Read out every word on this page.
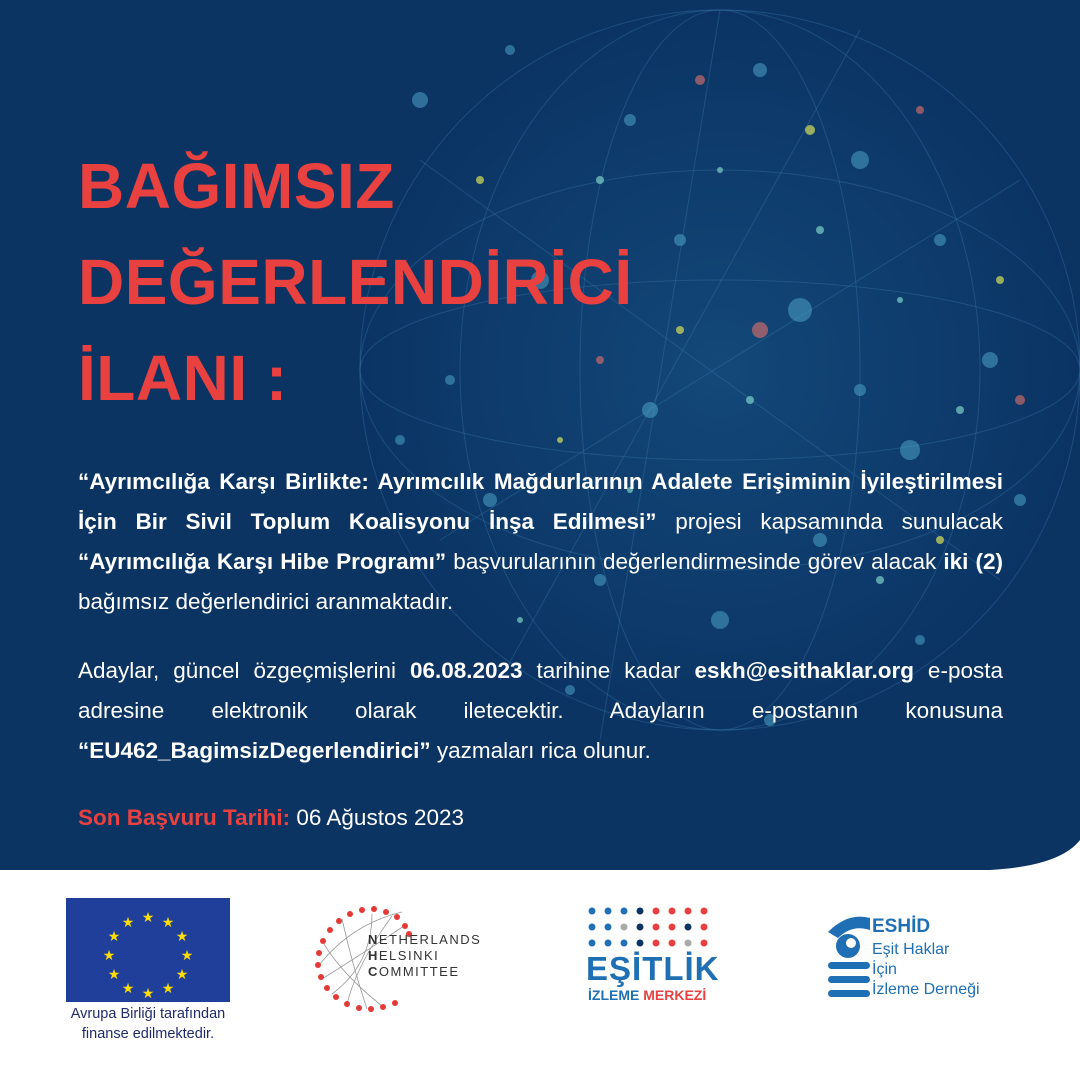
BAĞIMSIZ
DEĞERLENDİRİCİ
İLANI :

“Ayrımcılığa Karşı Birlikte: Ayrımcılık Mağdurlarının Adalete Erişiminin İyileştirilmesi İçin Bir Sivil Toplum Koalisyonu İnşa Edilmesi” projesi kapsamında sunulacak “Ayrımcılığa Karşı Hibe Programı” başvurularının değerlendirmesinde görev alacak iki (2) bağımsız değerlendirici aranmaktadır.

Adaylar, güncel özgeçmişlerini 06.08.2023 tarihine kadar eskh@esithaklar.org e-posta adresine elektronik olarak iletecektir. Adayların e-postanın konusuna “EU462_BagimsizDegerlendirici” yazmaları rica olunur.

Son Başvuru Tarihi: 06 Ağustos 2023
★ ★
★
★
★
★
★
★
★
★
★
★
Avrupa Birliği tarafından
finanse edilmektedir.
NETHERLANDS
HELSINKI
COMMITTEE	EŞİTLİK
İZLEME MERKEZİ
ESHİD
Eşit Haklar
İçin
İzleme Derneği
